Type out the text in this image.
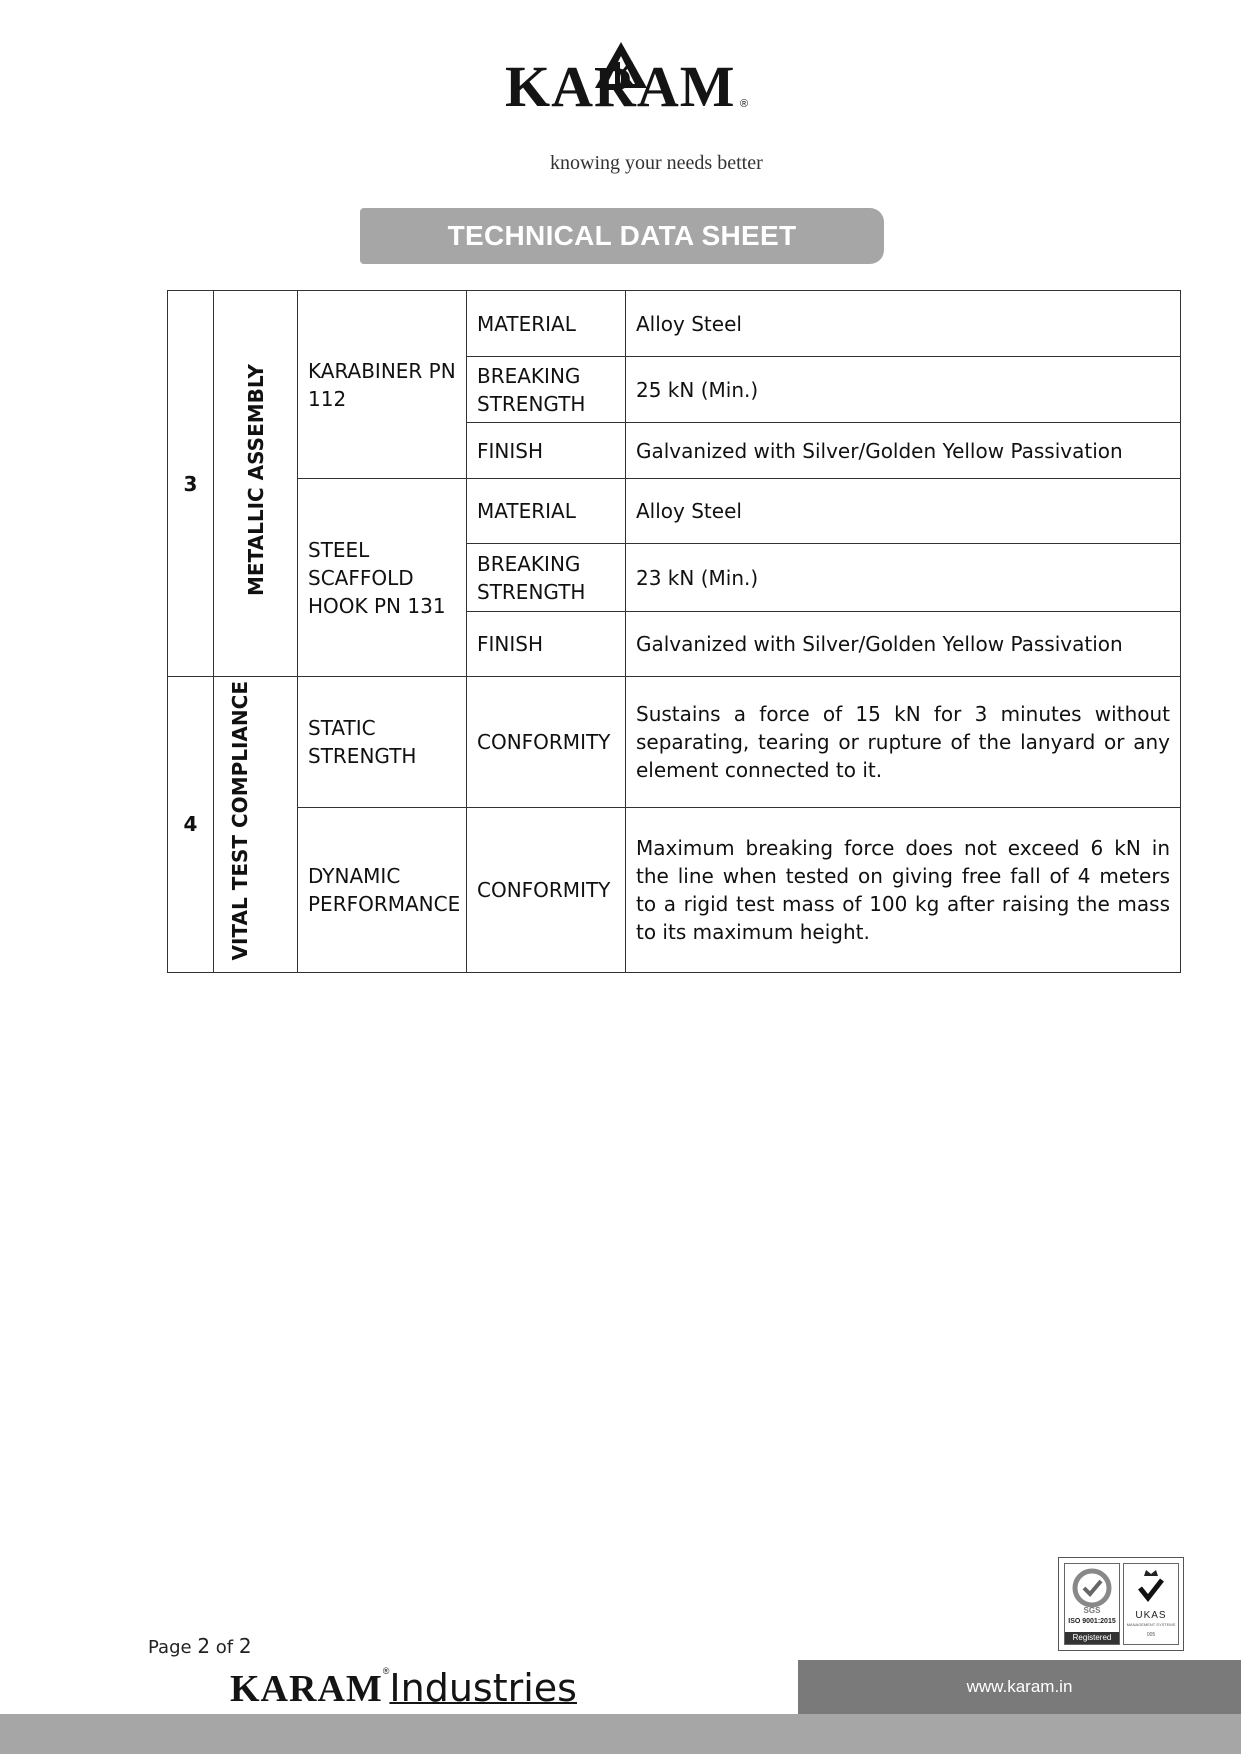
KARAM ®
knowing your needs better
TECHNICAL DATA SHEET
3	METALLIC ASSEMBLY	KARABINER PN 112	MATERIAL	Alloy Steel
			BREAKING STRENGTH	25 kN (Min.)
			FINISH	Galvanized with Silver/Golden Yellow Passivation
		STEEL SCAFFOLD HOOK PN 131	MATERIAL	Alloy Steel
			BREAKING STRENGTH	23 kN (Min.)
			FINISH	Galvanized with Silver/Golden Yellow Passivation
4	VITAL TEST COMPLIANCE	STATIC STRENGTH	CONFORMITY	Sustains a force of 15 kN for 3 minutes without separating, tearing or rupture of the lanyard or any element connected to it.
		DYNAMIC PERFORMANCE	CONFORMITY	Maximum breaking force does not exceed 6 kN in the line when tested on giving free fall of 4 meters to a rigid test mass of 100 kg after raising the mass to its maximum height.
SGS
ISO 9001:2015
Registered
UKAS
MANAGEMENT SYSTEMS
005
Page 2 of 2
KARAM®Industries	www.karam.in
